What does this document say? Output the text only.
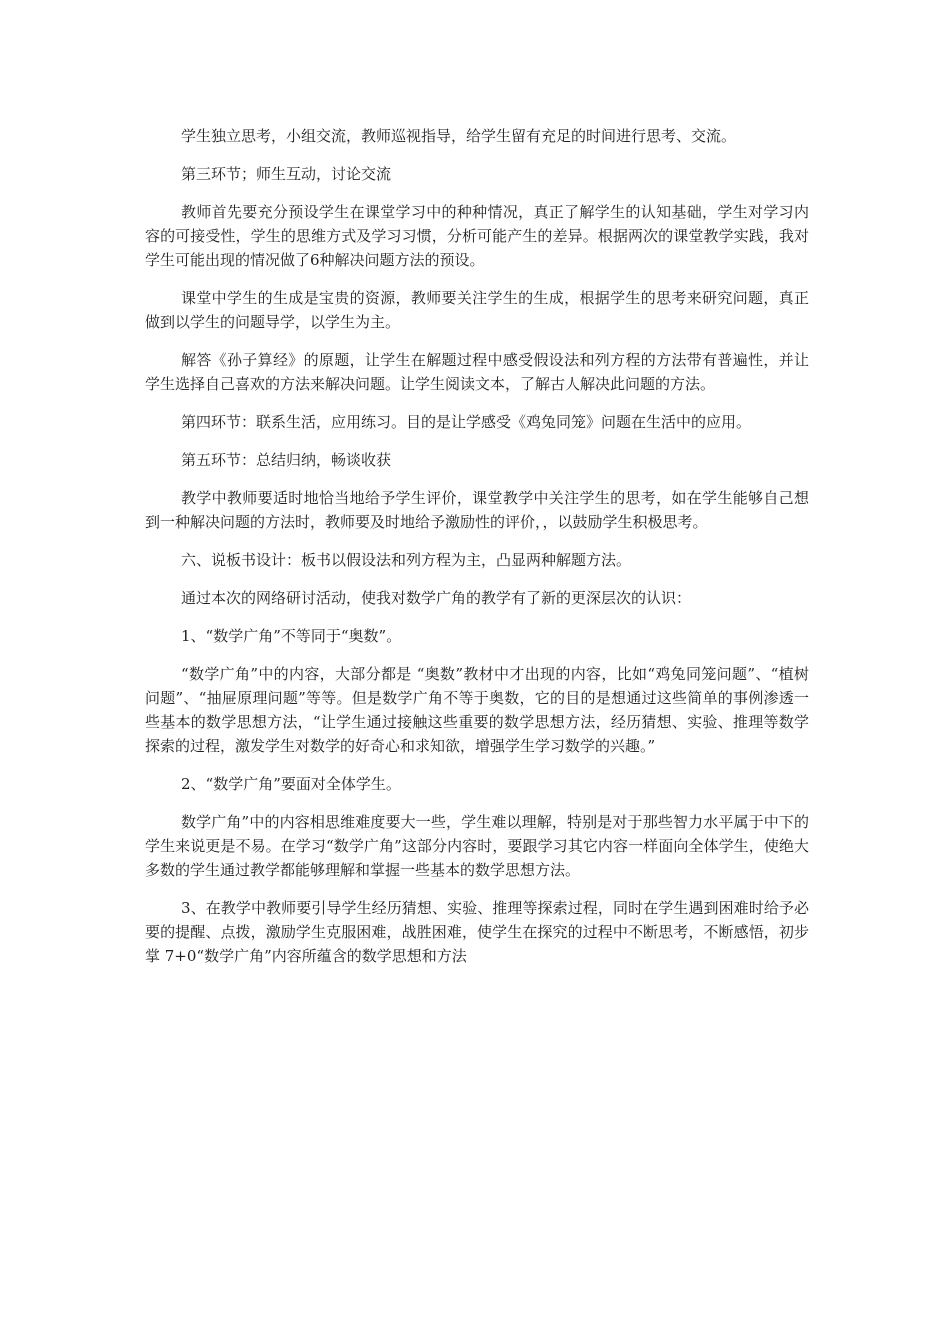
学生独立思考，小组交流，教师巡视指导，给学生留有充足的时间进行思考、交流。

第三环节；师生互动，讨论交流

教师首先要充分预设学生在课堂学习中的种种情况，真正了解学生的认知基础，学生对学习内容的可接受性，学生的思维方式及学习习惯，分析可能产生的差异。根据两次的课堂教学实践，我对学生可能出现的情况做了6种解决问题方法的预设。

课堂中学生的生成是宝贵的资源，教师要关注学生的生成，根据学生的思考来研究问题，真正做到以学生的问题导学，以学生为主。

解答《孙子算经》的原题，让学生在解题过程中感受假设法和列方程的方法带有普遍性，并让学生选择自己喜欢的方法来解决问题。让学生阅读文本，了解古人解决此问题的方法。

第四环节：联系生活，应用练习。目的是让学感受《鸡兔同笼》问题在生活中的应用。

第五环节：总结归纳，畅谈收获

教学中教师要适时地恰当地给予学生评价，课堂教学中关注学生的思考，如在学生能够自己想到一种解决问题的方法时，教师要及时地给予激励性的评价，，以鼓励学生积极思考。

六、说板书设计：板书以假设法和列方程为主，凸显两种解题方法。

通过本次的网络研讨活动，使我对数学广角的教学有了新的更深层次的认识：

1、“数学广角”不等同于“奥数”。

“数学广角”中的内容，大部分都是 “奥数”教材中才出现的内容，比如“鸡兔同笼问题”、“植树问题”、“抽屉原理问题”等等。但是数学广角不等于奥数，它的目的是想通过这些简单的事例渗透一些基本的数学思想方法，“让学生通过接触这些重要的数学思想方法，经历猜想、实验、推理等数学探索的过程，激发学生对数学的好奇心和求知欲，增强学生学习数学的兴趣。”

2、“数学广角”要面对全体学生。

数学广角”中的内容相思维难度要大一些，学生难以理解，特别是对于那些智力水平属于中下的学生来说更是不易。在学习“数学广角”这部分内容时，要跟学习其它内容一样面向全体学生，使绝大多数的学生通过教学都能够理解和掌握一些基本的数学思想方法。

3、在教学中教师要引导学生经历猜想、实验、推理等探索过程，同时在学生遇到困难时给予必要的提醒、点拨，激励学生克服困难，战胜困难，使学生在探究的过程中不断思考，不断感悟，初步掌 7+0“数学广角”内容所蕴含的数学思想和方法
